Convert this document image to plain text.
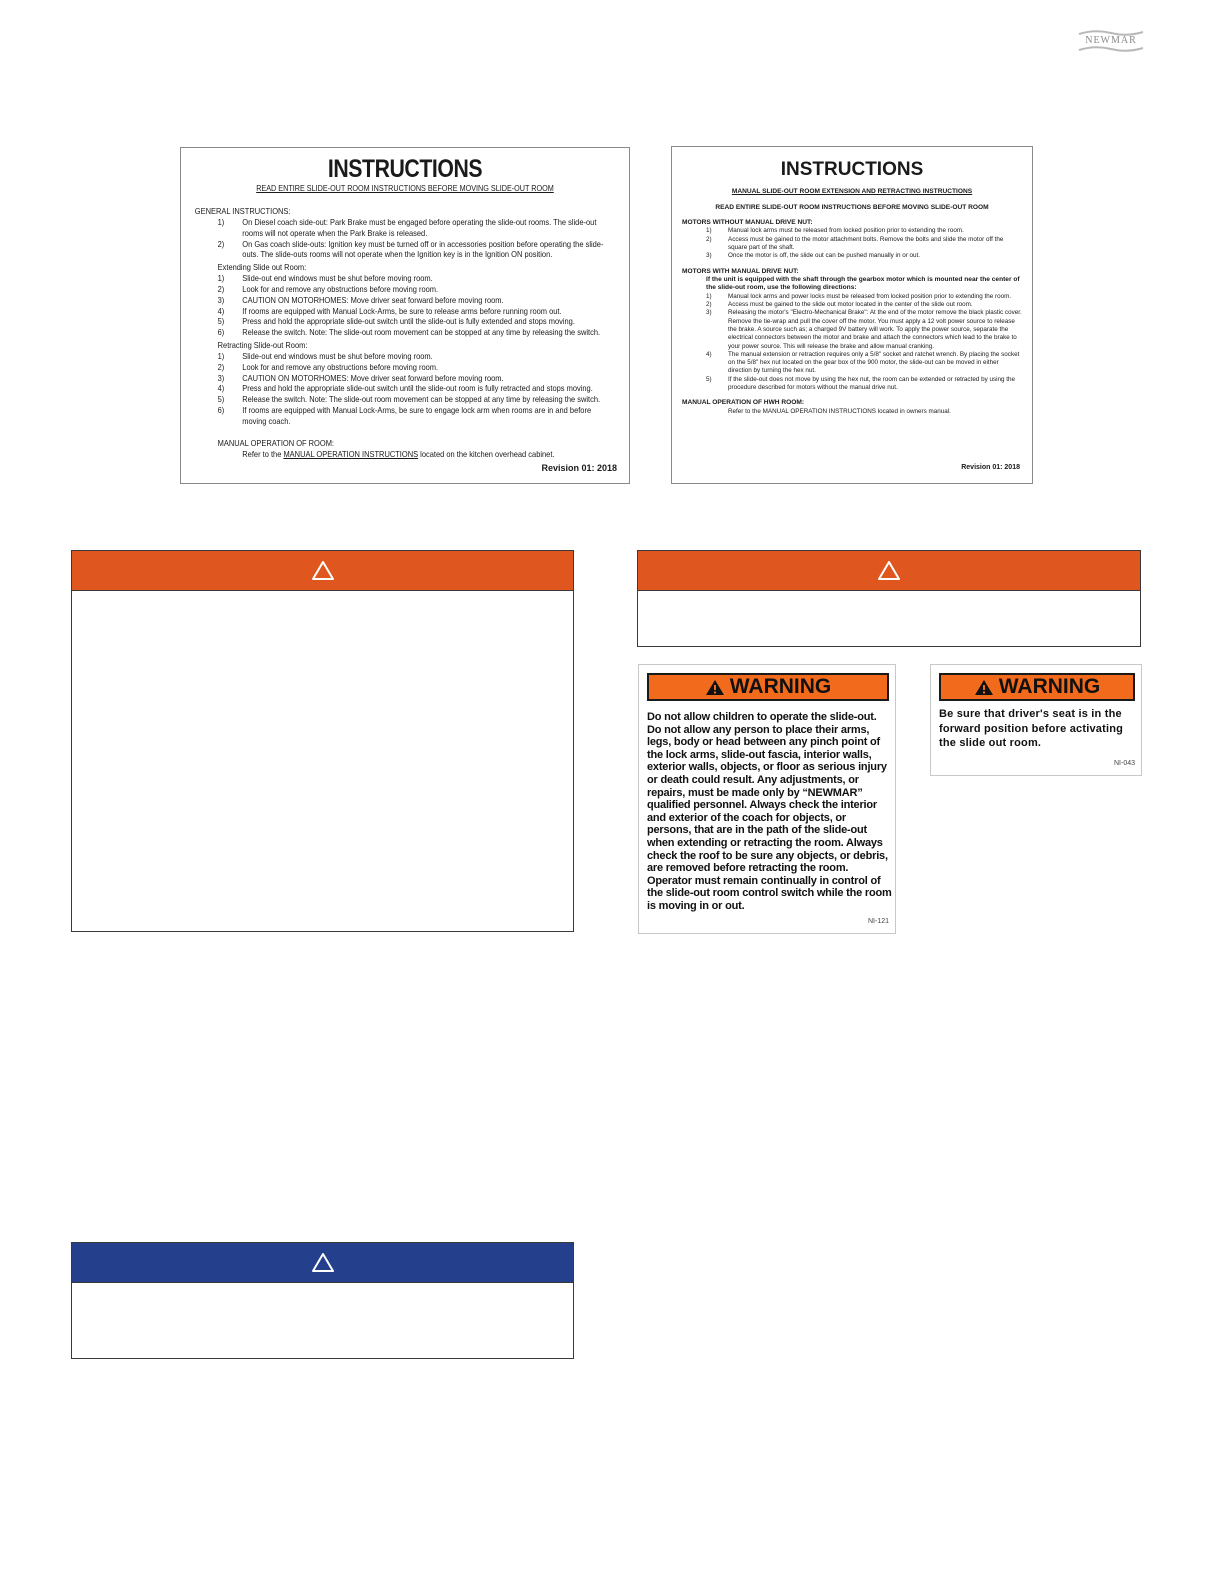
NEWMAR
INSTRUCTIONS
READ ENTIRE SLIDE-OUT ROOM INSTRUCTIONS BEFORE MOVING SLIDE-OUT ROOM
GENERAL INSTRUCTIONS:
1)	On Diesel coach side-out: Park Brake must be engaged before operating the slide-out rooms. The slide-out rooms will not operate when the Park Brake is released.
2)	On Gas coach slide-outs: Ignition key must be turned off or in accessories position before operating the slide-outs. The slide-outs rooms will not operate when the Ignition key is in the Ignition ON position.
Extending Slide out Room:
1)	Slide-out end windows must be shut before moving room.
2)	Look for and remove any obstructions before moving room.
3)	CAUTION ON MOTORHOMES: Move driver seat forward before moving room.
4)	If rooms are equipped with Manual Lock-Arms, be sure to release arms before running room out.
5)	Press and hold the appropriate slide-out switch until the slide-out is fully extended and stops moving.
6)	Release the switch. Note: The slide-out room movement can be stopped at any time by releasing the switch.
Retracting Slide-out Room:
1)	Slide-out end windows must be shut before moving room.
2)	Look for and remove any obstructions before moving room.
3)	CAUTION ON MOTORHOMES: Move driver seat forward before moving room.
4)	Press and hold the appropriate slide-out switch until the slide-out room is fully retracted and stops moving.
5)	Release the switch. Note: The slide-out room movement can be stopped at any time by releasing the switch.
6)	If rooms are equipped with Manual Lock-Arms, be sure to engage lock arm when rooms are in and before moving coach.
MANUAL OPERATION OF ROOM:
Refer to the MANUAL OPERATION INSTRUCTIONS located on the kitchen overhead cabinet.
Revision 01: 2018
INSTRUCTIONS
MANUAL SLIDE-OUT ROOM EXTENSION AND RETRACTING INSTRUCTIONS
READ ENTIRE SLIDE-OUT ROOM INSTRUCTIONS BEFORE MOVING SLIDE-OUT ROOM
MOTORS WITHOUT MANUAL DRIVE NUT:
1)	Manual lock arms must be released from locked position prior to extending the room.
2)	Access must be gained to the motor attachment bolts. Remove the bolts and slide the motor off the square part of the shaft.
3)	Once the motor is off, the slide out can be pushed manually in or out.
MOTORS WITH MANUAL DRIVE NUT:
If the unit is equipped with the shaft through the gearbox motor which is mounted near the center of the slide-out room, use the following directions:
1)	Manual lock arms and power locks must be released from locked position prior to extending the room.
2)	Access must be gained to the slide out motor located in the center of the slide out room.
3)	Releasing the motor's "Electro-Mechanical Brake": At the end of the motor remove the black plastic cover. Remove the tie-wrap and pull the cover off the motor. You must apply a 12 volt power source to release the brake. A source such as; a charged 9V battery will work. To apply the power source, separate the electrical connectors between the motor and brake and attach the connectors which lead to the brake to your power source. This will release the brake and allow manual cranking.
4)	The manual extension or retraction requires only a 5/8" socket and ratchet wrench. By placing the socket on the 5/8" hex nut located on the gear box of the 900 motor, the slide-out can be moved in either direction by turning the hex nut.
5)	If the slide-out does not move by using the hex nut, the room can be extended or retracted by using the procedure described for motors without the manual drive nut.
MANUAL OPERATION OF HWH ROOM:
Refer to the MANUAL OPERATION INSTRUCTIONS located in owners manual.
Revision 01: 2018
WARNING
Do not allow children to operate the slide-out. Do not allow any person to place their arms, legs, body or head between any pinch point of the lock arms, slide-out fascia, interior walls, exterior walls, objects, or floor as serious injury or death could result. Any adjustments, or repairs, must be made only by “NEWMAR” qualified personnel. Always check the interior and exterior of the coach for objects, or persons, that are in the path of the slide-out when extending or retracting the room. Always check the roof to be sure any objects, or debris, are removed before retracting the room. Operator must remain continually in control of the slide-out room control switch while the room is moving in or out.
NI-121
WARNING
Be sure that driver's seat is in the forward position before activating the slide out room.
NI-043
